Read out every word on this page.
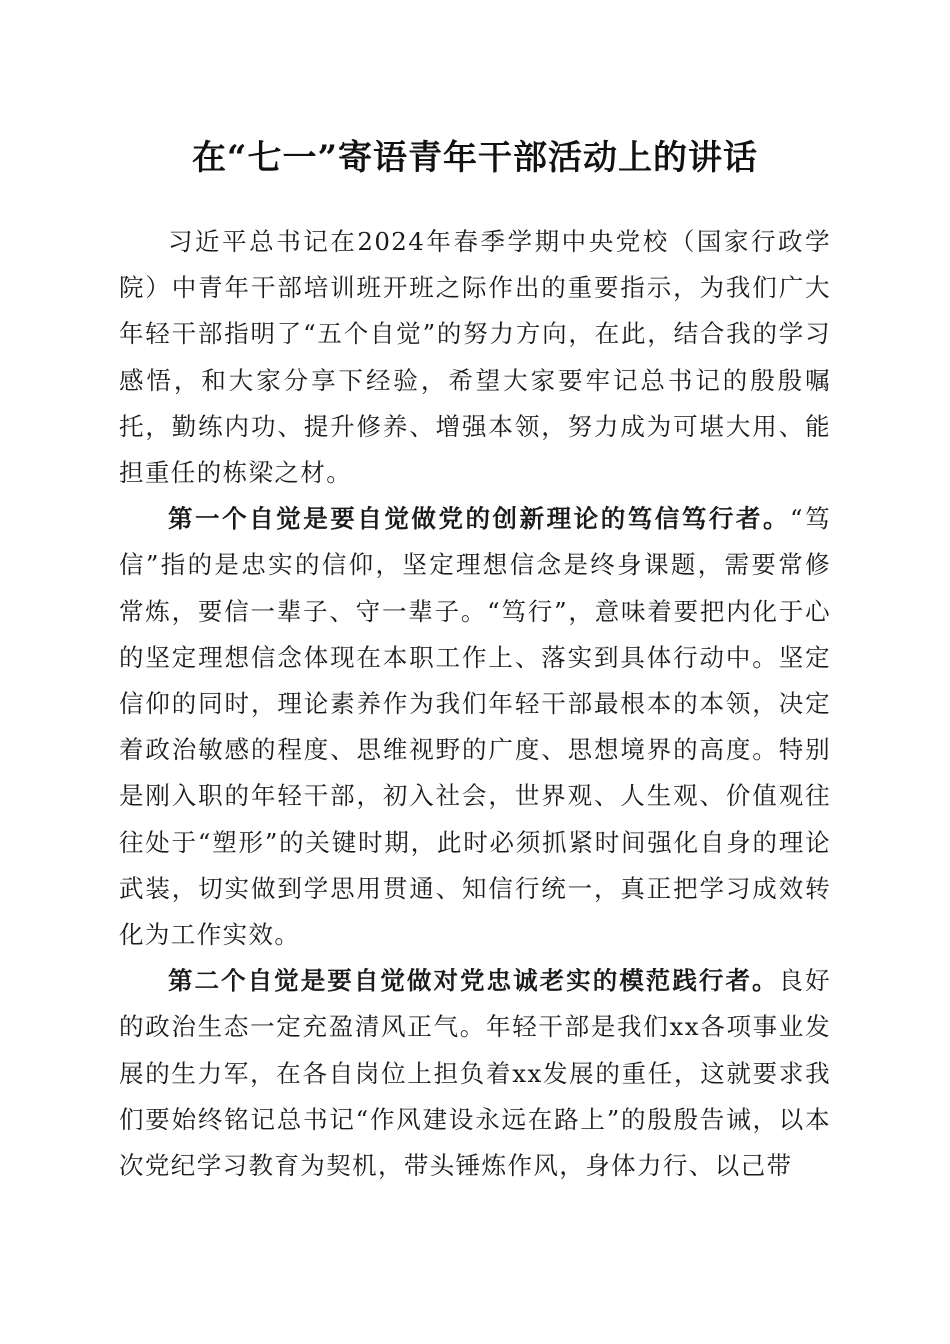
在“七一”寄语青年干部活动上的讲话

习近平总书记在2024年春季学期中央党校（国家行政学院）中青年干部培训班开班之际作出的重要指示，为我们广大年轻干部指明了“五个自觉”的努力方向，在此，结合我的学习感悟，和大家分享下经验，希望大家要牢记总书记的殷殷嘱托，勤练内功、提升修养、增强本领，努力成为可堪大用、能担重任的栋梁之材。

第一个自觉是要自觉做党的创新理论的笃信笃行者。“笃信”指的是忠实的信仰，坚定理想信念是终身课题，需要常修常炼，要信一辈子、守一辈子。“笃行”，意味着要把内化于心的坚定理想信念体现在本职工作上、落实到具体行动中。坚定信仰的同时，理论素养作为我们年轻干部最根本的本领，决定着政治敏感的程度、思维视野的广度、思想境界的高度。特别是刚入职的年轻干部，初入社会，世界观、人生观、价值观往往处于“塑形”的关键时期，此时必须抓紧时间强化自身的理论武装，切实做到学思用贯通、知信行统一，真正把学习成效转化为工作实效。

第二个自觉是要自觉做对党忠诚老实的模范践行者。良好的政治生态一定充盈清风正气。年轻干部是我们xx各项事业发展的生力军，在各自岗位上担负着xx发展的重任，这就要求我们要始终铭记总书记“作风建设永远在路上”的殷殷告诫，以本次党纪学习教育为契机，带头锤炼作风，身体力行、以己带
